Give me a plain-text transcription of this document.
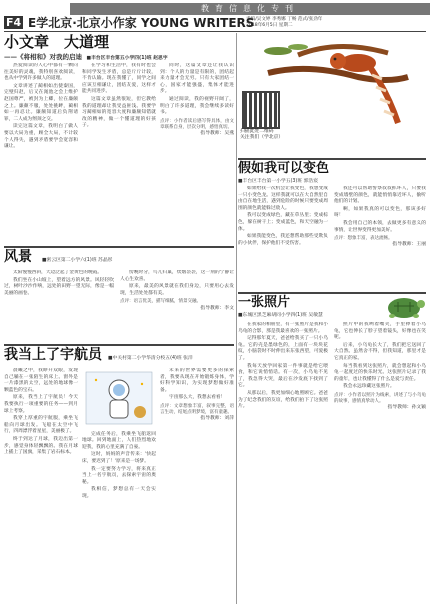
教育信息化专刊
F4 E学北京·北京小作家 YOUNG WRITERS
责编/吴文婷 李秀娜 丁畅 范式/张劲年
2018年6月5日 星期二
小文章　大道理
——《将相和》对我的启迪 ■丰台区丰台第五小学四(1)班 赵思宇

热爱阅读的人心中都有一颗向往美好的灵魂，我特别喜欢阅读，也从中学到许多做人的道理。

文章讲述了蔺相如出使秦国，完璧归赵，后又在渑池之会上维护赵国尊严，被封为上卿，位在廉颇之上。廉颇不服，处处挑衅，蔺相如一再忍让。廉颇知道后负荆请罪，二人成为刎颈之交。

读完这篇文章，我明白了做人要以大局为重，顾全大局，不计较个人得失，遇到矛盾要学会宽容和谦让。

在学习和生活中，我有时也会和同学发生矛盾，总是斤斤计较，不肯认输。现在我懂了，同学之间应该互相谦让，团结友爱，这样才能共同进步。

这篇文章虽然很短，但它教给我的道理却让我受益匪浅。我要学习蔺相如的宽容大度和廉颇知错就改的精神，做一个懂道理的好孩子。

同时，这篇文章还让我认识到：个人的力量是有限的，团结起来力量才会无穷。只有大家团结一心，国家才能强盛，集体才能进步。

通过阅读，我的视野开阔了，明白了许多道理，我会继续多读好书。

点评：小作者读后感写得具体，由文章联系自身，层次分明，感悟真切。
指导教师：吴燕 扫描此处二维码
关注我们（学北京）
假如我可以变色
■丰台区丰台第一小学五(3)班 郭浩宸

如果给我一次机会让我变色，我想变成一只小变色龙。这样我就可以在大自然里自由自在地生活，遇到危险的时候只要变成周围的颜色就能躲过敌人。

我可以变成绿色，藏在草丛里；变成棕色，躲在树干上；变成蓝色，和天空融为一体。

如果我能变色，我还想帮助那些受欺负的小伙伴，保护他们不受伤害。

我还可以帮助警察叔叔抓坏人，只要我变成墙壁的颜色，就能悄悄靠近坏人，偷听他们的计划。

啊，如果我真的可以变色，那该多好呀！

我会用自己的本领，去做更多有意义的事情，让世界变得更加美好。

点评：想象丰富，表达流畅。
指导教师：王丽
风景	■密云区第二小学六(1)班 苏晶彤

太阳慢慢西斜，天边泛起了金黄色的晚霞。

我们坐在小山坡上，望着远方的风景。风轻轻吹过，树叶沙沙作响，远处的田野一望无际，像是一幅美丽的画卷。

傍晚时分，鸟儿归巢，炊烟袅袅，这一刻的宁静让人心生欢喜。

原来，最美的风景就在我们身边，只要用心去发现，生活处处都有美。

点评：语言优美，描写细腻，情景交融。
指导教师：李文 一张照片
■东城区黑芝麻胡同小学四(1)班 吴敏慧

在我家的相册里，有一张照片是我和小乌龟的合影，那是我最喜欢的一张照片。

记得那年夏天，爸爸给我买了一只小乌龟。它的壳是墨绿色的，上面有一块块花纹，小脑袋时不时伸出来东张西望，可爱极了。

我每天放学回家第一件事就是给它喂食，和它说悄悄话。有一次，小乌龟不见了，我急得大哭，最后在沙发底下找到了它。

从那以后，我更加细心地照顾它。爸爸为了纪念我们的友谊，给我们拍下了这张照片。

照片中的我咧着嘴笑，手里捧着小乌龟，它也伸长了脖子望着镜头，好像也在笑呢。

后来，小乌龟长大了，我们把它送回了大自然。虽然舍不得，但我知道，那里才是它真正的家。

每当我看到这张照片，就会想起和小乌龟一起度过的快乐时光。这张照片记录了我的童年，也让我懂得了什么是爱与责任。

我会永远珍藏这张照片。

点评：小作者以照片为线索，讲述了与小乌龟的故事，感情真挚动人。
指导教师：孙文颖
我当上了宇航员	■中关村第二小学华清分校五(4)班 张洋

晨曦之中，我睁开双眼，发现自己躺在一张陌生的床上。窗外是一片漆黑的太空，远处的地球像一颗蓝色的宝石。

原来，我当上了宇航员！今天我要执行一项重要的任务——到月球上考察。

我穿上厚重的宇航服，乘坐飞船向月球出发。飞船在太空中飞行，四周漂浮着星星，美丽极了。

终于到达了月球，我迈出第一步，感觉身体轻飘飘的。我在月球上插上了国旗，采集了岩石标本。

完成任务后，我乘坐飞船返回地球。回到地面上，人们热烈地欢迎我，我的心里充满了自豪。

这时，妈妈的声音传来：'快起床，要迟到了！'原来是一场梦。

我一定要努力学习，将来真正当上一名宇航员，去探索宇宙的奥秘。

我相信，梦想总有一天会实现。

未来的世界需要更多的探索者，我要从现在开始锻炼身体，学好科学知识，为实现梦想做好准备。

宇宙那么大，我想去看看！

点评：文章想象丰富，叙事完整，语言生动，结尾点明梦境，富有童趣。
指导教师：刘萍
